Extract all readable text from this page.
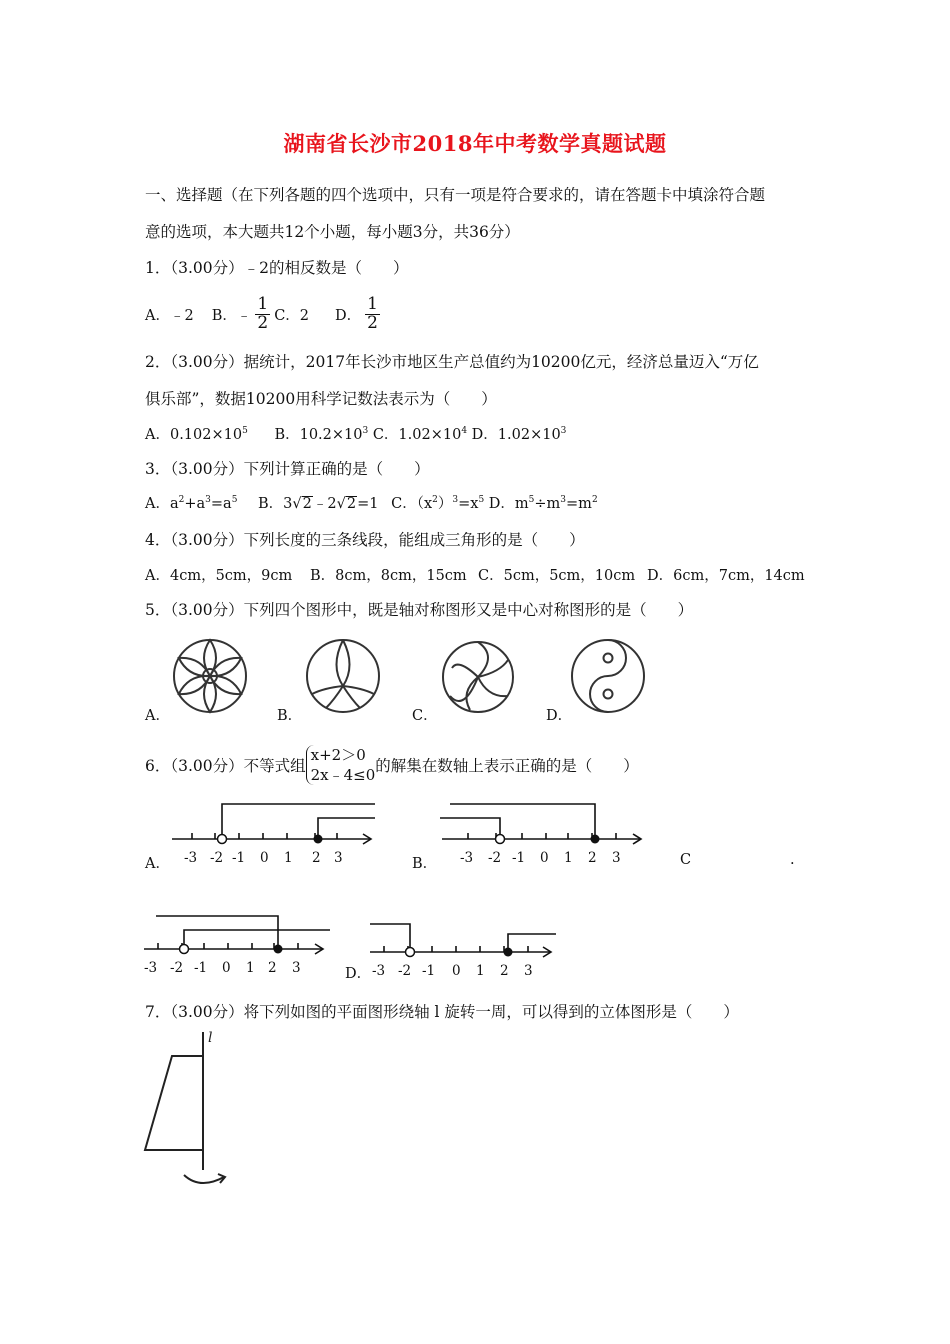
湖南省长沙市2018年中考数学真题试题
一、选择题（在下列各题的四个选项中，只有一项是符合要求的，请在答题卡中填涂符合题
意的选项，本大题共12个小题，每小题3分，共36分）
1．（3.00分）﹣2的相反数是（　　）
A．﹣2 B．﹣ $\frac{1}{2}$ C．2 D． $\frac{1}{2}$
2．（3.00分）据统计，2017年长沙市地区生产总值约为10200亿元，经济总量迈入“万亿
俱乐部”，数据10200用科学记数法表示为（　　）
A．$0.102\times 10^5$ B．$10.2\times 10^3$ C．$1.02\times 10^4$ D．$1.02\times 10^3$
3．（3.00分）下列计算正确的是（　　）
A．$a^2+a^3=a^5$ B．3√2﹣2√2=1 C．$(x^2)^3=x^5$ D．$m^5\div m^3=m^2$
4．（3.00分）下列长度的三条线段，能组成三角形的是（　　）
A．4cm，5cm，9cm B．8cm，8cm，15cm C．5cm，5cm，10cm D．6cm，7cm，14cm
5．（3.00分）下列四个图形中，既是轴对称图形又是中心对称图形的是（　　）
A．	B．	C．	D．
6．（3.00分）不等式组
x+2＞0
2x﹣4≤0 的解集在数轴上表示正确的是（　　）
-3 -2 -1 0 1 2 3
A．	-3 -2 -1 0 1 2 3
B．	C	.
-3 -2 -1 0 1 2 3	-3 -2 -1 0 1 2 3
D．
7．（3.00分）将下列如图的平面图形绕轴 l 旋转一周，可以得到的立体图形是（　　）
l
